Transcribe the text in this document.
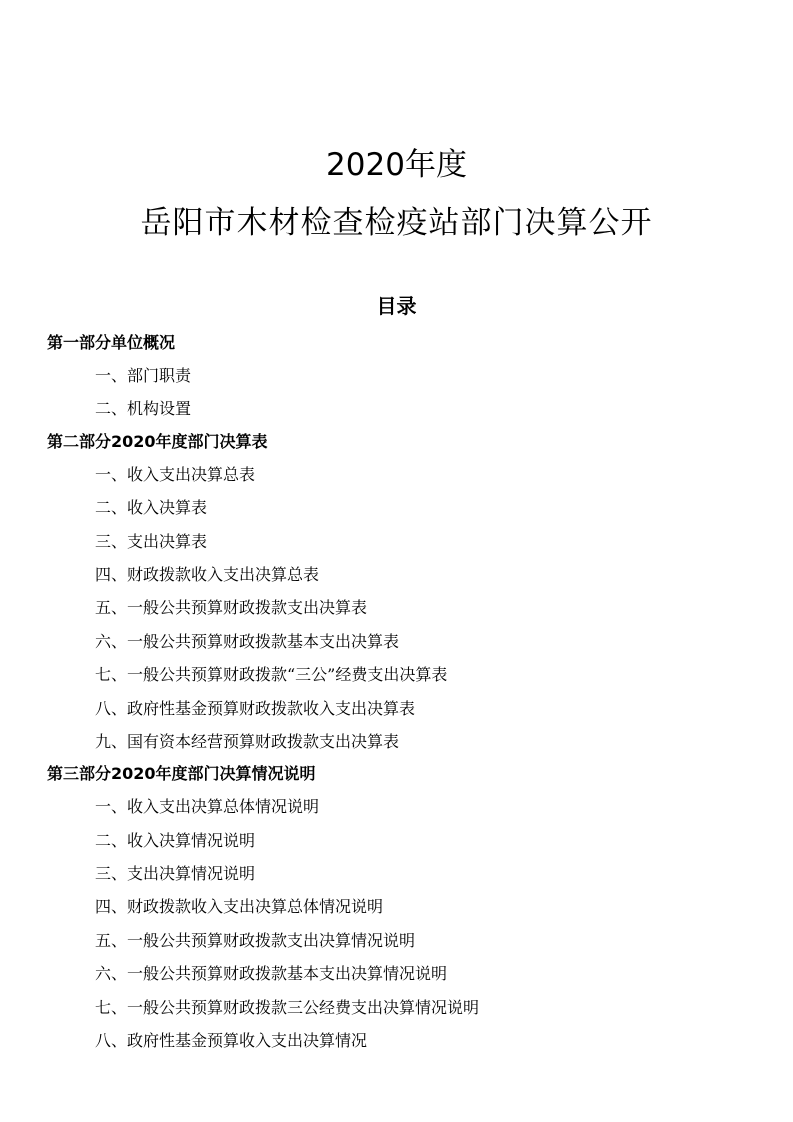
2020年度
岳阳市木材检查检疫站部门决算公开
目录
第一部分单位概况
一、部门职责
二、机构设置
第二部分2020年度部门决算表
一、收入支出决算总表
二、收入决算表
三、支出决算表
四、财政拨款收入支出决算总表
五、一般公共预算财政拨款支出决算表
六、一般公共预算财政拨款基本支出决算表
七、一般公共预算财政拨款“三公”经费支出决算表
八、政府性基金预算财政拨款收入支出决算表
九、国有资本经营预算财政拨款支出决算表
第三部分2020年度部门决算情况说明
一、收入支出决算总体情况说明
二、收入决算情况说明
三、支出决算情况说明
四、财政拨款收入支出决算总体情况说明
五、一般公共预算财政拨款支出决算情况说明
六、一般公共预算财政拨款基本支出决算情况说明
七、一般公共预算财政拨款三公经费支出决算情况说明
八、政府性基金预算收入支出决算情况
